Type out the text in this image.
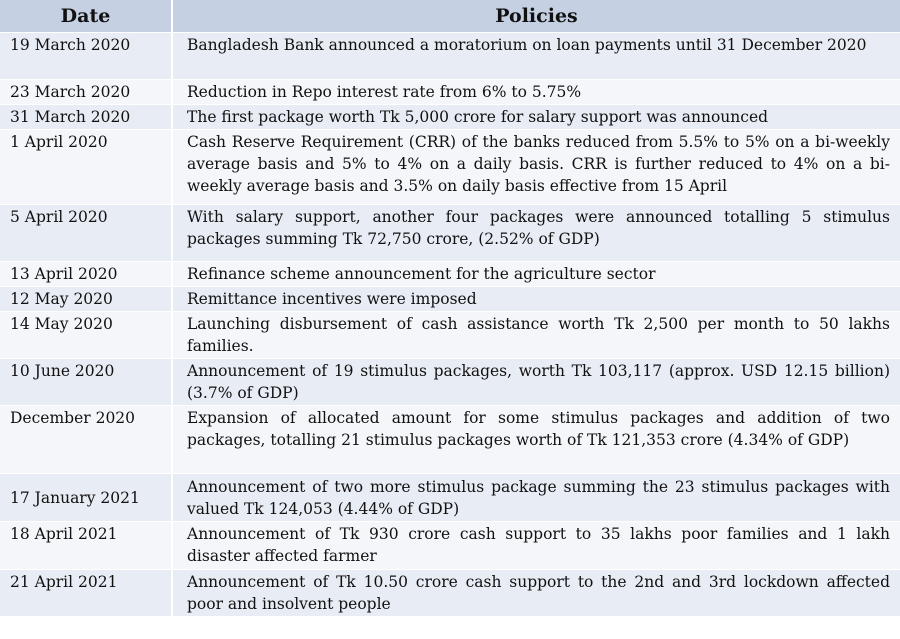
Date	Policies
19 March 2020	Bangladesh Bank announced a moratorium on loan payments until 31 December 2020
23 March 2020	Reduction in Repo interest rate from 6% to 5.75%
31 March 2020	The first package worth Tk 5,000 crore for salary support was announced
1 April 2020	Cash Reserve Requirement (CRR) of the banks reduced from 5.5% to 5% on a bi-weekly average basis and 5% to 4% on a daily basis. CRR is further reduced to 4% on a bi-weekly average basis and 3.5% on daily basis effective from 15 April
5 April 2020	With salary support, another four packages were announced totalling 5 stimulus packages summing Tk 72,750 crore, (2.52% of GDP)
13 April 2020	Refinance scheme announcement for the agriculture sector
12 May 2020	Remittance incentives were imposed
14 May 2020	Launching disbursement of cash assistance worth Tk 2,500 per month to 50 lakhs families.
10 June 2020	Announcement of 19 stimulus packages, worth Tk 103,117 (approx. USD 12.15 billion) (3.7% of GDP)
December 2020	Expansion of allocated amount for some stimulus packages and addition of two packages, totalling 21 stimulus packages worth of Tk 121,353 crore (4.34% of GDP)
17 January 2021	Announcement of two more stimulus package summing the 23 stimulus packages with valued Tk 124,053 (4.44% of GDP)
18 April 2021	Announcement of Tk 930 crore cash support to 35 lakhs poor families and 1 lakh disaster affected farmer
21 April 2021	Announcement of Tk 10.50 crore cash support to the 2nd and 3rd lockdown affected poor and insolvent people
